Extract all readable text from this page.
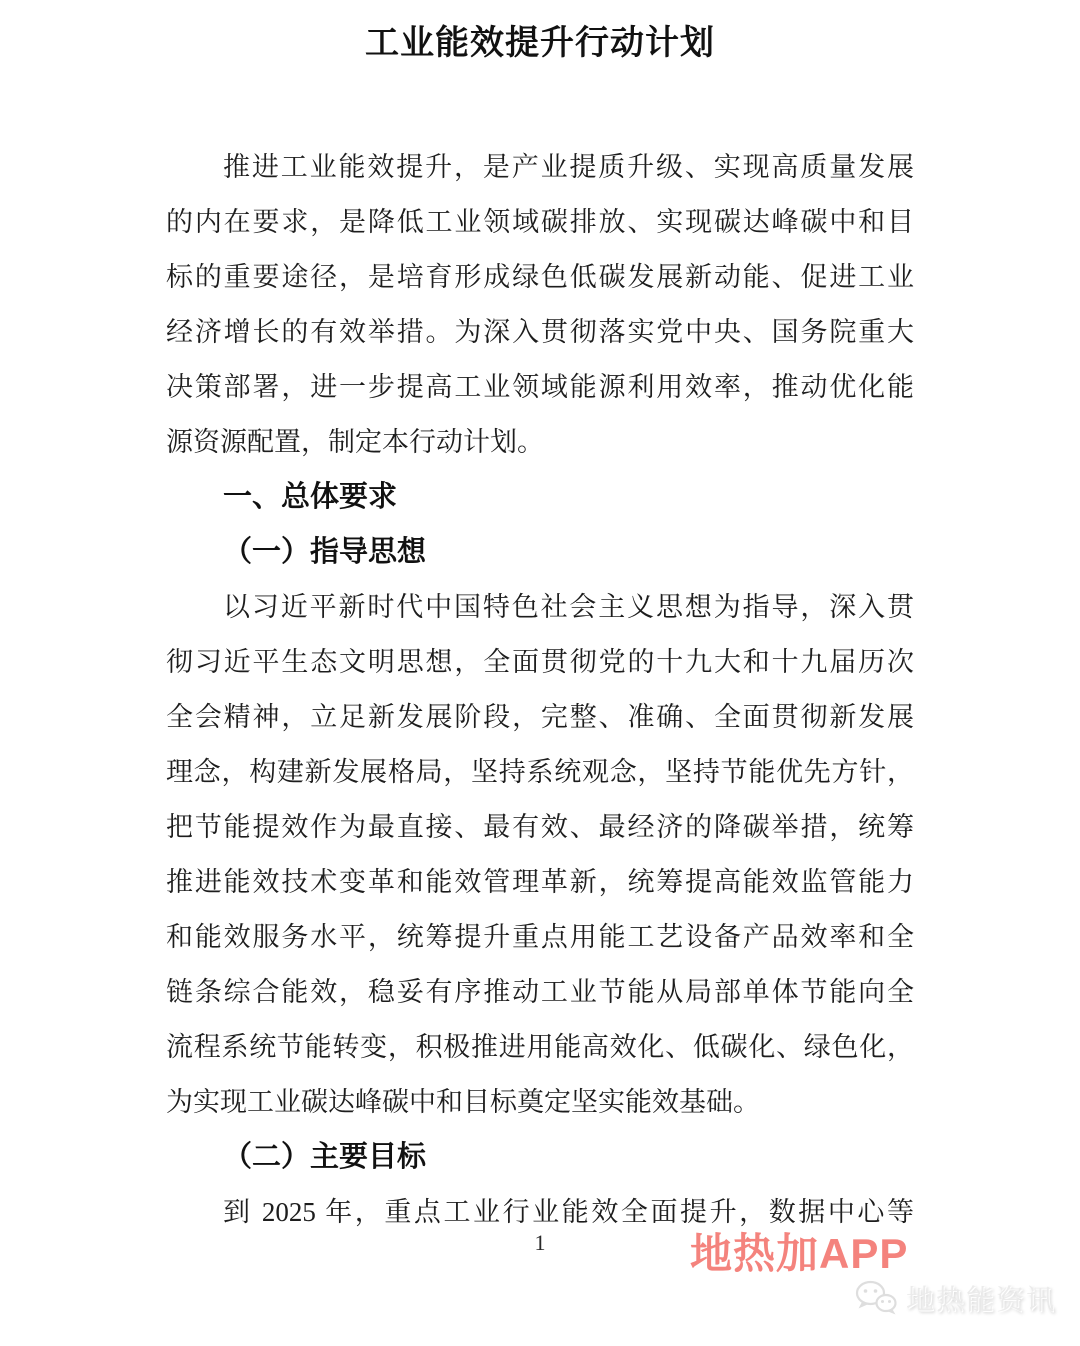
工业能效提升行动计划
推进工业能效提升，是产业提质升级、实现高质量发展
的内在要求，是降低工业领域碳排放、实现碳达峰碳中和目
标的重要途径，是培育形成绿色低碳发展新动能、促进工业
经济增长的有效举措。为深入贯彻落实党中央、国务院重大
决策部署，进一步提高工业领域能源利用效率，推动优化能
源资源配置，制定本行动计划。
一、总体要求
（一）指导思想
以习近平新时代中国特色社会主义思想为指导，深入贯
彻习近平生态文明思想，全面贯彻党的十九大和十九届历次
全会精神，立足新发展阶段，完整、准确、全面贯彻新发展
理念，构建新发展格局，坚持系统观念，坚持节能优先方针，
把节能提效作为最直接、最有效、最经济的降碳举措，统筹
推进能效技术变革和能效管理革新，统筹提高能效监管能力
和能效服务水平，统筹提升重点用能工艺设备产品效率和全
链条综合能效，稳妥有序推动工业节能从局部单体节能向全
流程系统节能转变，积极推进用能高效化、低碳化、绿色化，
为实现工业碳达峰碳中和目标奠定坚实能效基础。
（二）主要目标
到 2025 年，重点工业行业能效全面提升，数据中心等
1	地热加APP
地热能资讯
